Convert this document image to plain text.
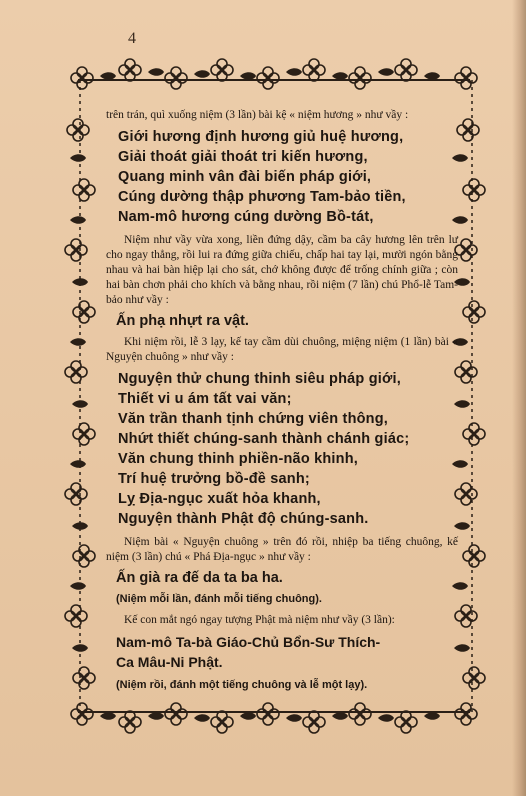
4

trên trán, quì xuống niệm (3 lần) bài kệ « niệm hương » như vầy :

Giới hương định hương giủ huệ hương,
Giải thoát giải thoát tri kiến hương,
Quang minh vân đài biến pháp giới,
Cúng dường thập phương Tam-bảo tiền,
Nam-mô hương cúng dường Bồ-tát,

Niệm như vầy vừa xong, liền đứng dậy, cầm ba cây hương lên trên lư cho ngay thẳng, rồi lui ra đứng giữa chiếu, chấp hai tay lại, mười ngón bằng nhau và hai bàn hiệp lại cho sát, chớ không được để trống chính giữa ; còn hai bàn chơn phải cho khích và bằng nhau, rồi niệm (7 lần) chú Phổ-lễ Tam-bảo như vầy :

Ấn phạ nhựt ra vật.

Khi niệm rồi, lễ 3 lạy, kế tay cầm dùi chuông, miệng niệm (1 lần) bài « Nguyện chuông » như vầy :

Nguyện thử chung thinh siêu pháp giới,
Thiết vi u ám tất vai văn;
Văn trần thanh tịnh chứng viên thông,
Nhứt thiết chúng-sanh thành chánh giác;
Văn chung thinh phiền-não khinh,
Trí huệ trưởng bồ-đề sanh;
Lỵ Địa-ngục xuất hỏa khanh,
Nguyện thành Phật độ chúng-sanh.

Niệm bài « Nguyện chuông » trên đó rồi, nhiệp ba tiếng chuông, kế niệm (3 lần) chú « Phá Địa-ngục » như vầy :

Ấn già ra đế da ta ba ha.

(Niệm mỗi lần, đánh mỗi tiếng chuông).

Kế con mắt ngó ngay tượng Phật mà niệm như vầy (3 lần):

Nam-mô Ta-bà Giáo-Chủ Bổn-Sư Thích-

Ca Mâu-Ni Phật.

(Niệm rồi, đánh một tiếng chuông và lễ một lạy).
